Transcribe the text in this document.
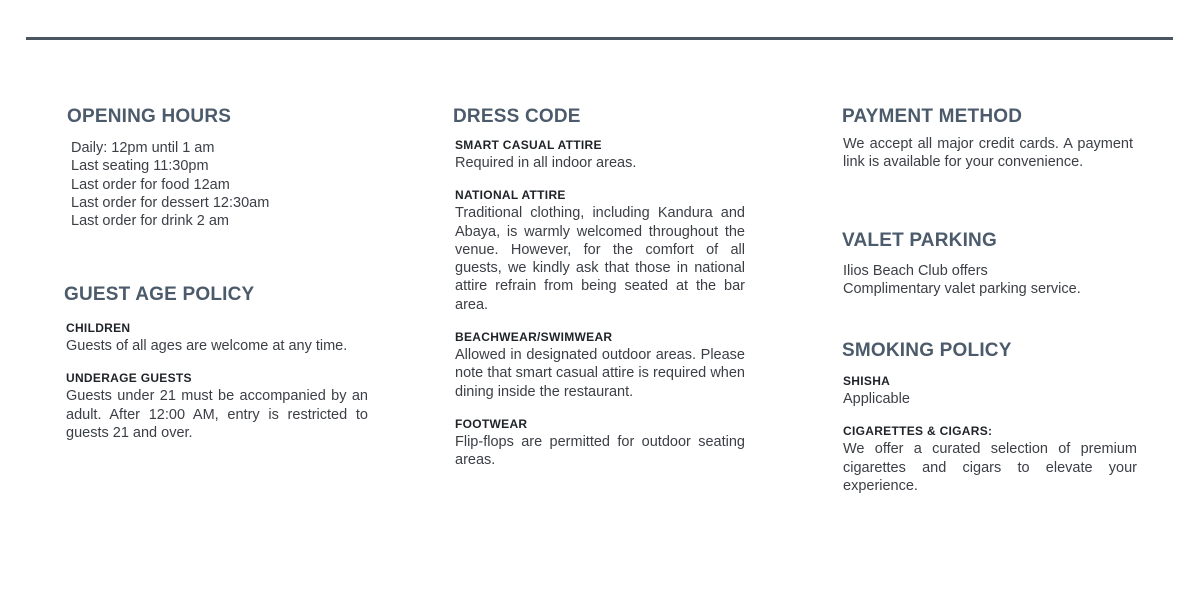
OPENING HOURS
Daily: 12pm until 1 am
Last seating 11:30pm
Last order for food 12am
Last order for dessert 12:30am
Last order for drink 2 am
GUEST AGE POLICY

CHILDREN

Guests of all ages are welcome at any time.

UNDERAGE GUESTS

Guests under 21 must be accompanied by an adult. After 12:00 AM, entry is restricted to guests 21 and over.

DRESS CODE

SMART CASUAL ATTIRE

Required in all indoor areas.

NATIONAL ATTIRE

Traditional clothing, including Kandura and Abaya, is warmly welcomed throughout the venue. However, for the comfort of all guests, we kindly ask that those in national attire refrain from being seated at the bar area.

BEACHWEAR/SWIMWEAR

Allowed in designated outdoor areas. Please note that smart casual attire is required when dining inside the restaurant.

FOOTWEAR

Flip-flops are permitted for outdoor seating areas.

PAYMENT METHOD

We accept all major credit cards. A payment link is available for your convenience.

VALET PARKING
Ilios Beach Club offers
Complimentary valet parking service.
SMOKING POLICY

SHISHA

Applicable

CIGARETTES & CIGARS:

We offer a curated selection of premium cigarettes and cigars to elevate your experience.
